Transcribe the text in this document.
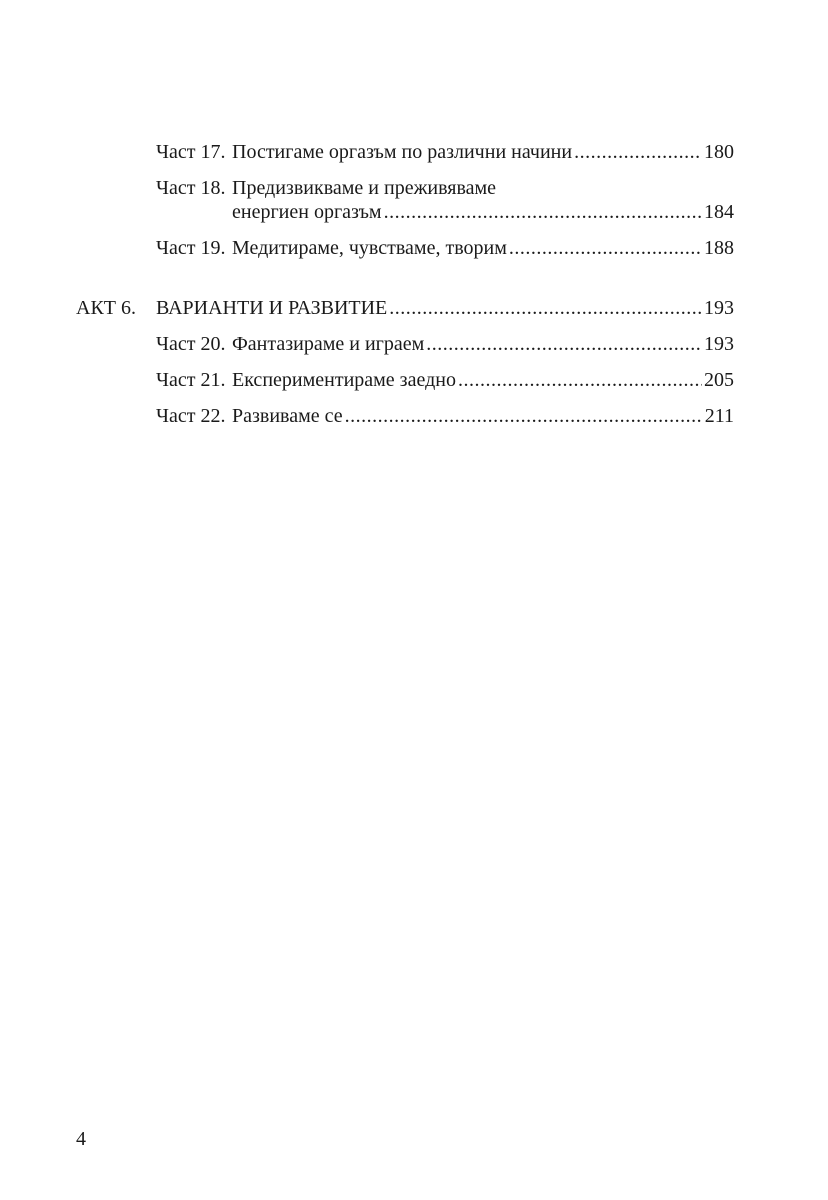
Част 17. Постигаме оргазъм по различни начини .....	180
Част 18. Предизвикваме и преживяваме
енергиен оргазъм .....	184
Част 19. Медитираме, чувстваме, творим .....	188
АКТ 6.	ВАРИАНТИ И РАЗВИТИЕ .....	193
Част 20. Фантазираме и играем .....	193
Част 21. Експериментираме заедно .....	205
Част 22. Развиваме се .....	211
4
